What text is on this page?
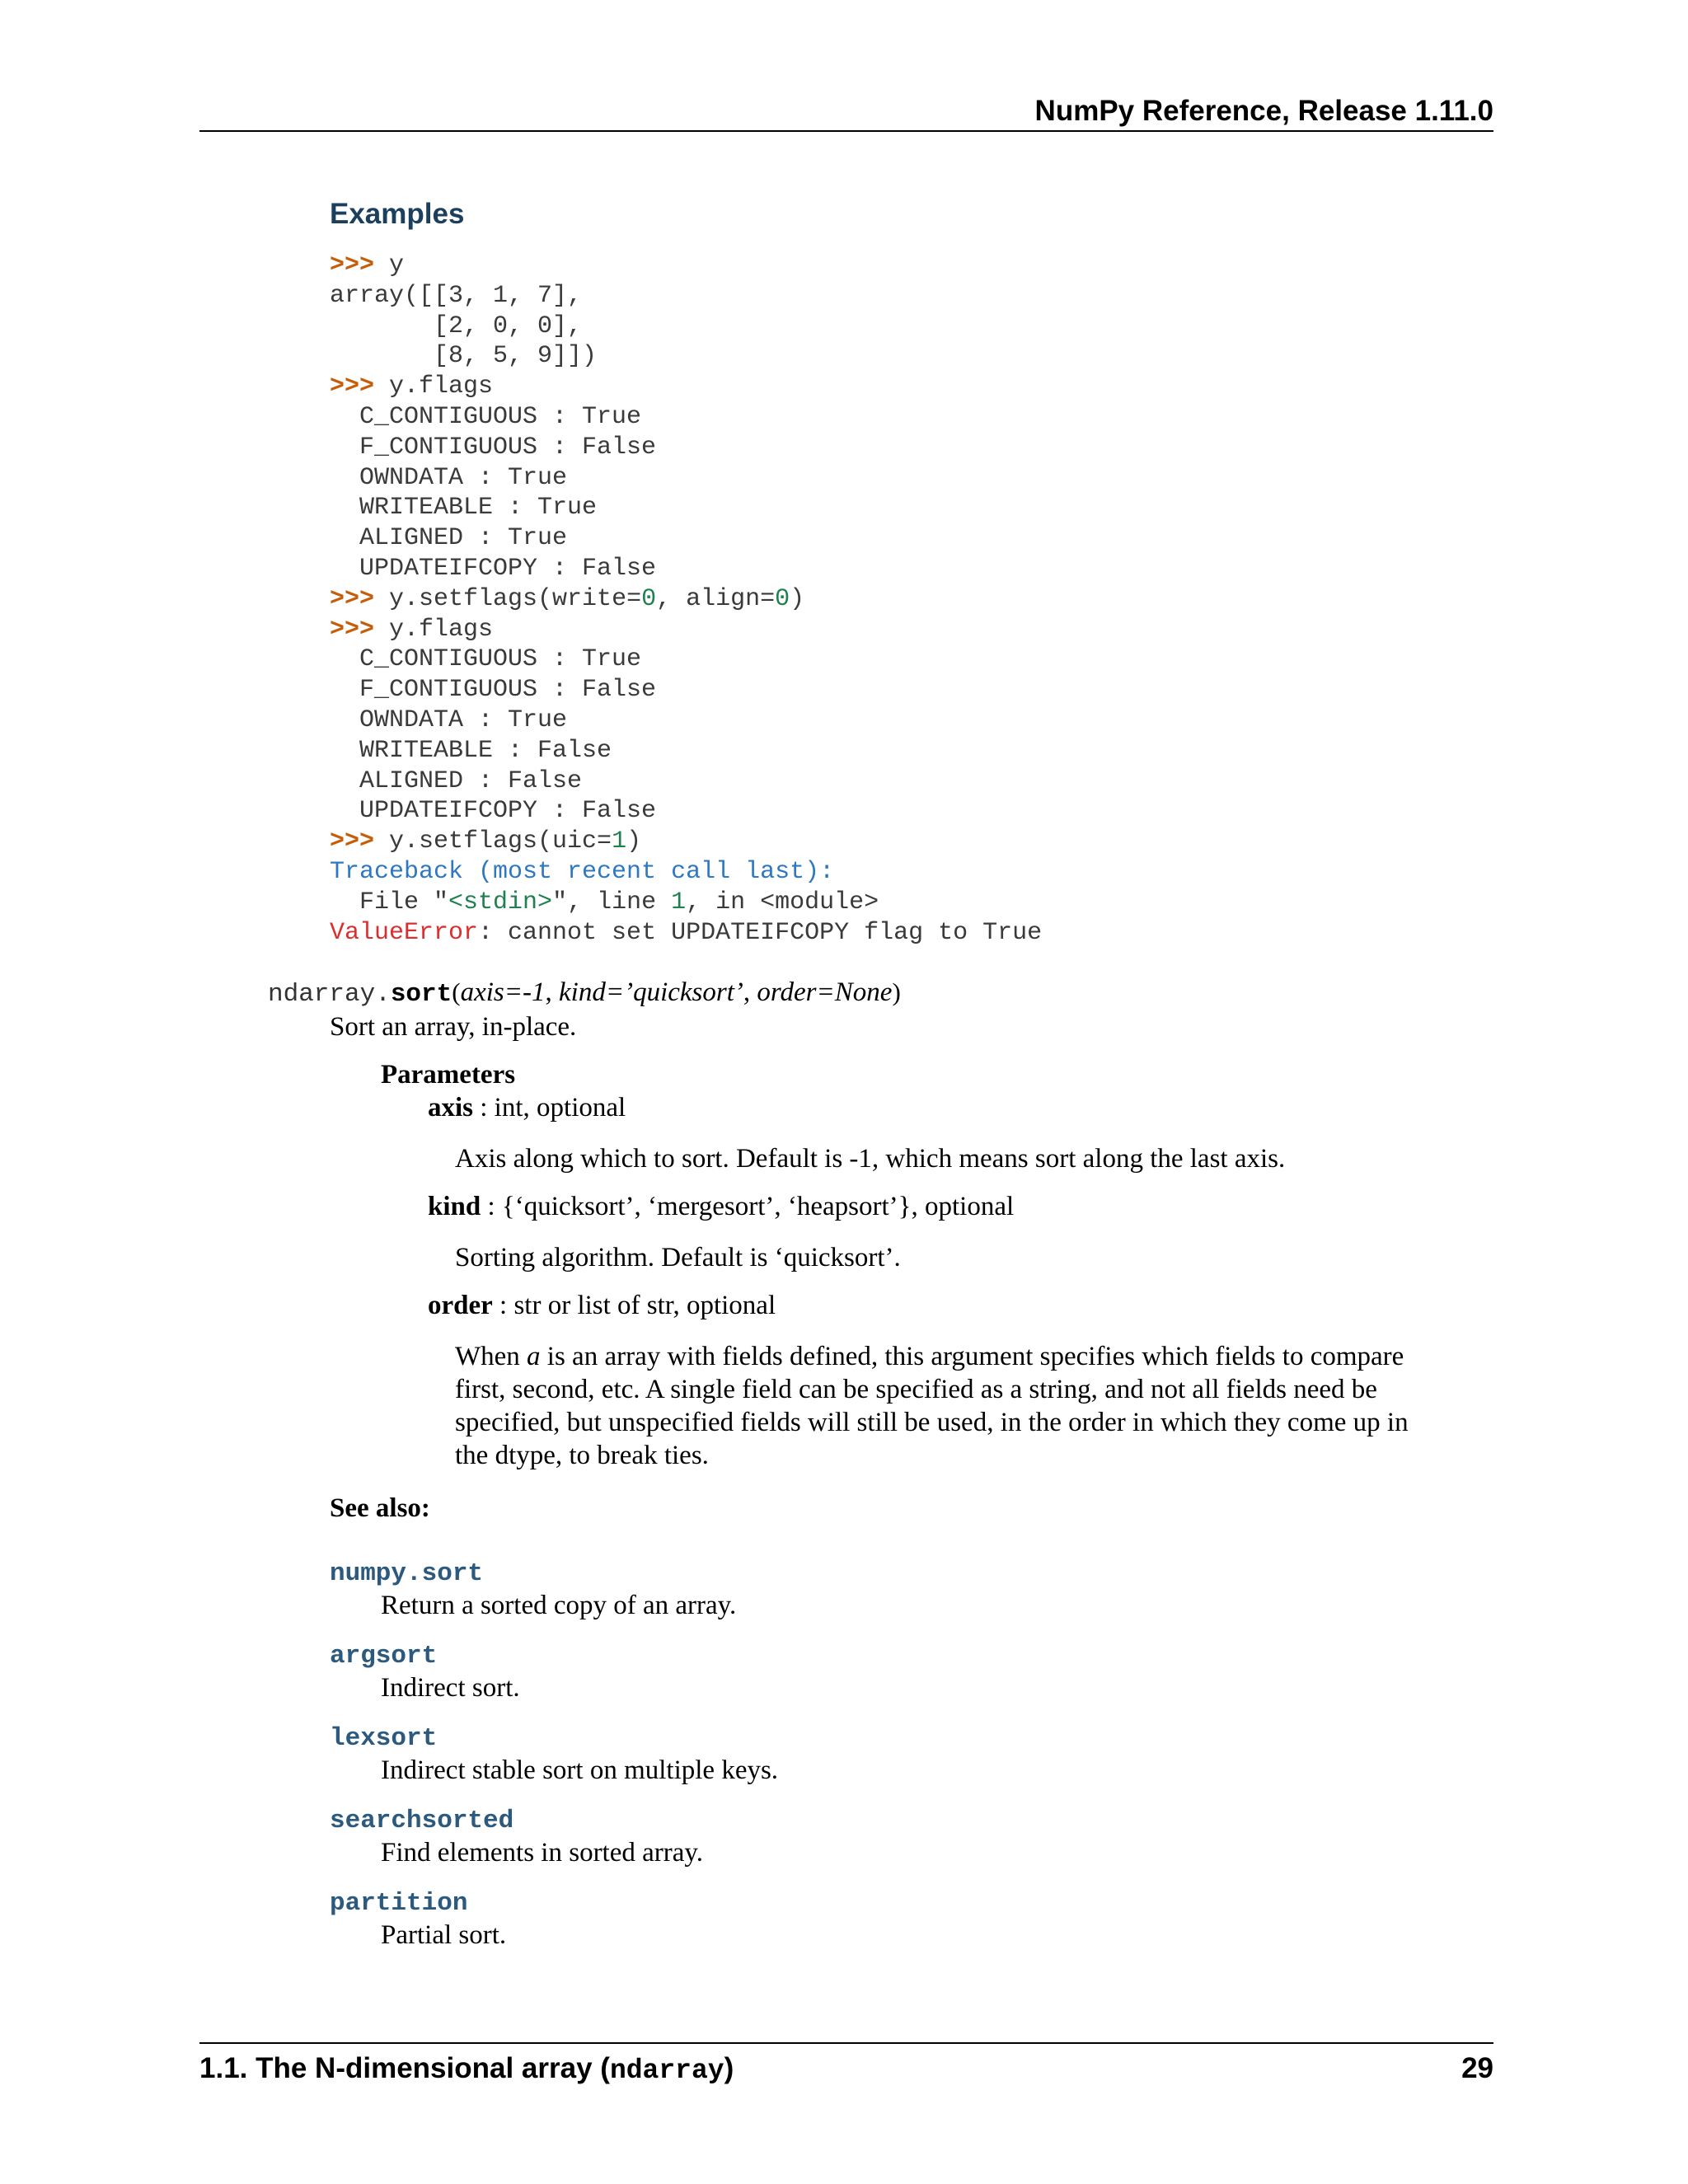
NumPy Reference, Release 1.11.0
Examples
>>> y
array([[3, 1, 7],
[2, 0, 0],
[8, 5, 9]])
>>> y.flags
C_CONTIGUOUS : True
F_CONTIGUOUS : False
OWNDATA : True
WRITEABLE : True
ALIGNED : True
UPDATEIFCOPY : False
>>> y.setflags(write=0, align=0)
>>> y.flags
C_CONTIGUOUS : True
F_CONTIGUOUS : False
OWNDATA : True
WRITEABLE : False
ALIGNED : False
UPDATEIFCOPY : False
>>> y.setflags(uic=1)
Traceback (most recent call last):
File "<stdin>", line 1, in <module>
ValueError: cannot set UPDATEIFCOPY flag to True
ndarray.sort(axis=-1, kind=’quicksort’, order=None)
Sort an array, in-place.
Parameters
axis : int, optional
Axis along which to sort. Default is -1, which means sort along the last axis.
kind : {‘quicksort’, ‘mergesort’, ‘heapsort’}, optional
Sorting algorithm. Default is ‘quicksort’.
order : str or list of str, optional
When a is an array with fields defined, this argument specifies which fields to compare first, second, etc. A single field can be specified as a string, and not all fields need be specified, but unspecified fields will still be used, in the order in which they come up in the dtype, to break ties.
See also:
numpy.sort
Return a sorted copy of an array.
argsort
Indirect sort.
lexsort
Indirect stable sort on multiple keys.
searchsorted
Find elements in sorted array.
partition
Partial sort.
1.1. The N-dimensional array (ndarray)	29
